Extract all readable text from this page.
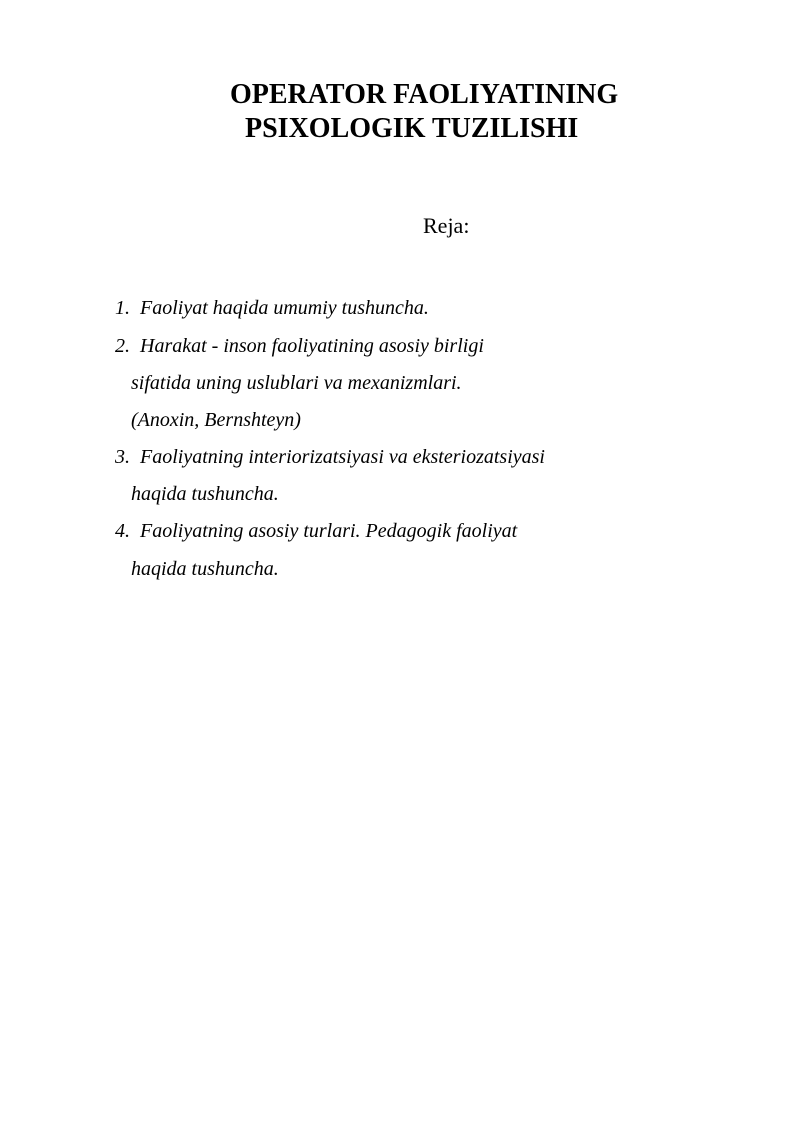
OPERATOR FAOLIYATINING
PSIXOLOGIK TUZILISHI
Reja:
1. Faoliyat haqida umumiy tushuncha.
2. Harakat - inson faoliyatining asosiy birligi
sifatida uning uslublari va mexanizmlari.
(Anoxin, Bernshteyn)
3. Faoliyatning interiorizatsiyasi va eksteriozatsiyasi
haqida tushuncha.
4. Faoliyatning asosiy turlari. Pedagogik faoliyat
haqida tushuncha.
